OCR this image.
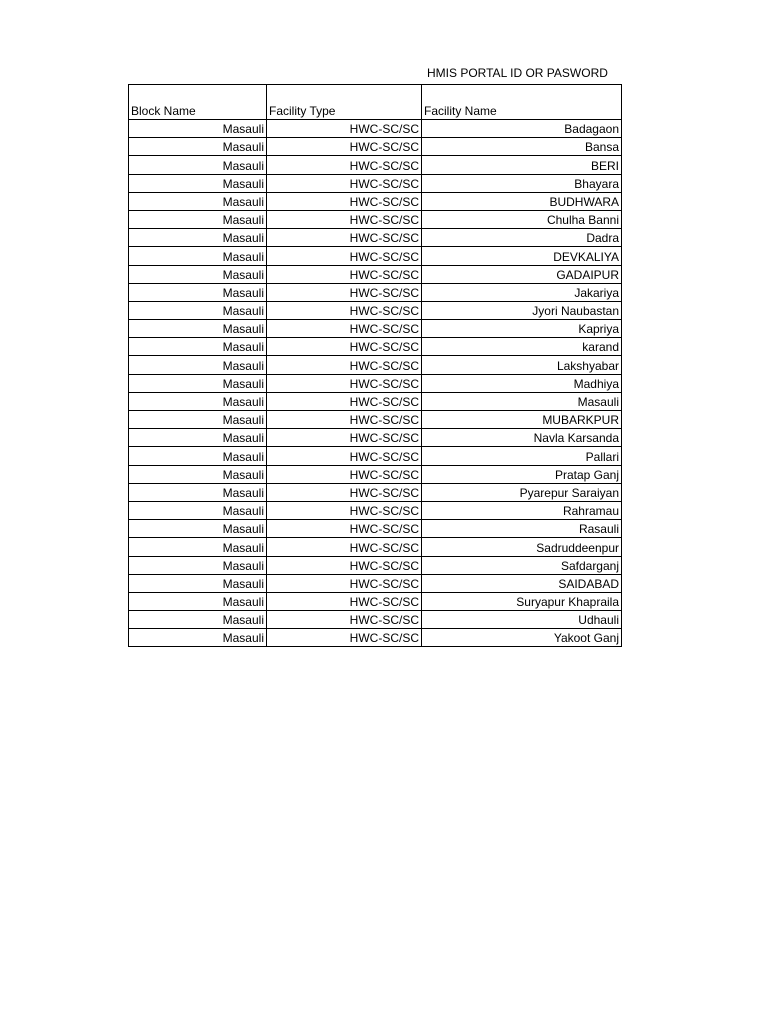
HMIS PORTAL ID OR PASWORD
Block Name	Facility Type	Facility Name
Masauli	HWC-SC/SC	Badagaon
Masauli	HWC-SC/SC	Bansa
Masauli	HWC-SC/SC	BERI
Masauli	HWC-SC/SC	Bhayara
Masauli	HWC-SC/SC	BUDHWARA
Masauli	HWC-SC/SC	Chulha Banni
Masauli	HWC-SC/SC	Dadra
Masauli	HWC-SC/SC	DEVKALIYA
Masauli	HWC-SC/SC	GADAIPUR
Masauli	HWC-SC/SC	Jakariya
Masauli	HWC-SC/SC	Jyori Naubastan
Masauli	HWC-SC/SC	Kapriya
Masauli	HWC-SC/SC	karand
Masauli	HWC-SC/SC	Lakshyabar
Masauli	HWC-SC/SC	Madhiya
Masauli	HWC-SC/SC	Masauli
Masauli	HWC-SC/SC	MUBARKPUR
Masauli	HWC-SC/SC	Navla Karsanda
Masauli	HWC-SC/SC	Pallari
Masauli	HWC-SC/SC	Pratap Ganj
Masauli	HWC-SC/SC	Pyarepur Saraiyan
Masauli	HWC-SC/SC	Rahramau
Masauli	HWC-SC/SC	Rasauli
Masauli	HWC-SC/SC	Sadruddeenpur
Masauli	HWC-SC/SC	Safdarganj
Masauli	HWC-SC/SC	SAIDABAD
Masauli	HWC-SC/SC	Suryapur Khapraila
Masauli	HWC-SC/SC	Udhauli
Masauli	HWC-SC/SC	Yakoot Ganj
